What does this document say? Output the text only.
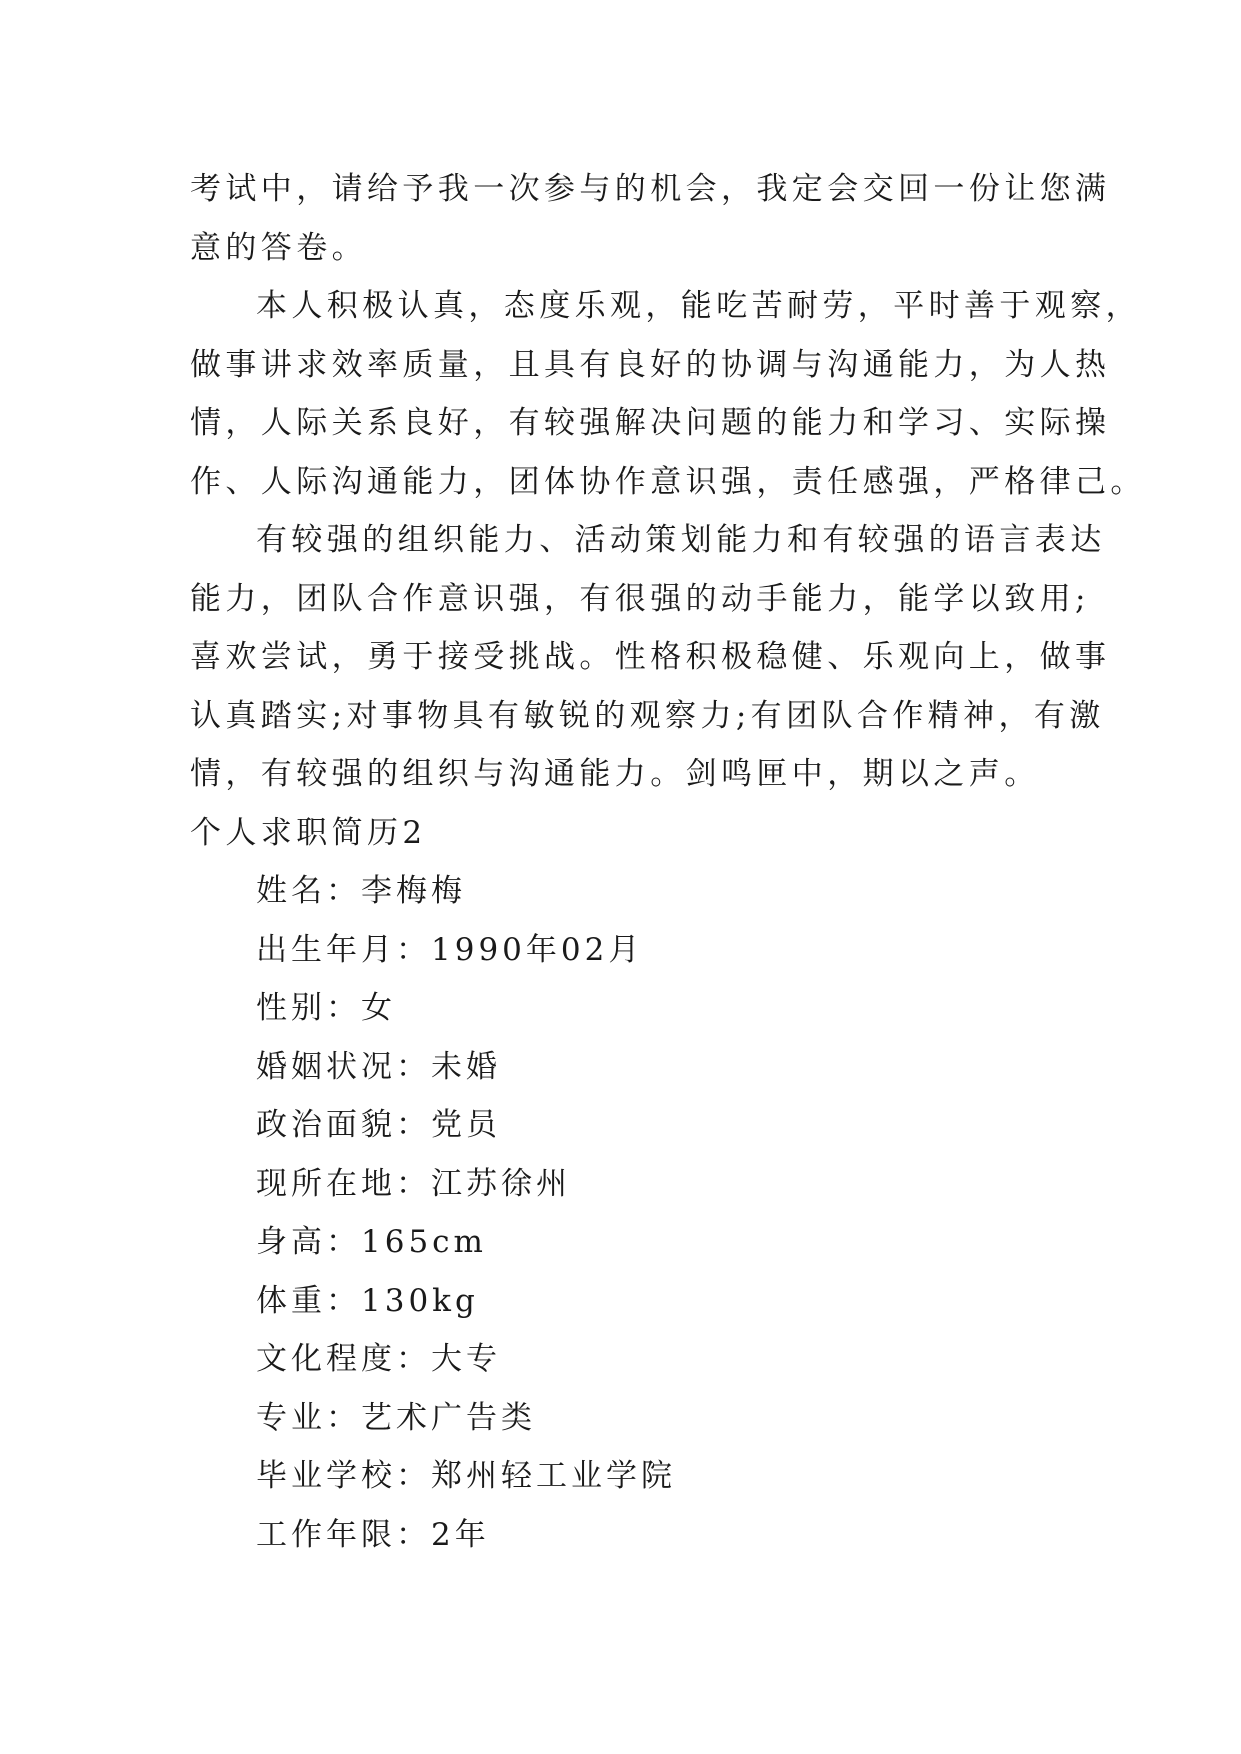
考试中，请给予我一次参与的机会，我定会交回一份让您满
意的答卷。
本人积极认真，态度乐观，能吃苦耐劳，平时善于观察，
做事讲求效率质量，且具有良好的协调与沟通能力，为人热
情，人际关系良好，有较强解决问题的能力和学习、实际操
作、人际沟通能力，团体协作意识强，责任感强，严格律己。
有较强的组织能力、活动策划能力和有较强的语言表达
能力，团队合作意识强，有很强的动手能力，能学以致用;
喜欢尝试，勇于接受挑战。性格积极稳健、乐观向上，做事
认真踏实;对事物具有敏锐的观察力;有团队合作精神，有激
情，有较强的组织与沟通能力。剑鸣匣中，期以之声。
个人求职简历2
姓名：李梅梅
出生年月：1990年02月
性别：女
婚姻状况：未婚
政治面貌：党员
现所在地：江苏徐州
身高：165cm
体重：130kg
文化程度：大专
专业：艺术广告类
毕业学校：郑州轻工业学院
工作年限：2年
